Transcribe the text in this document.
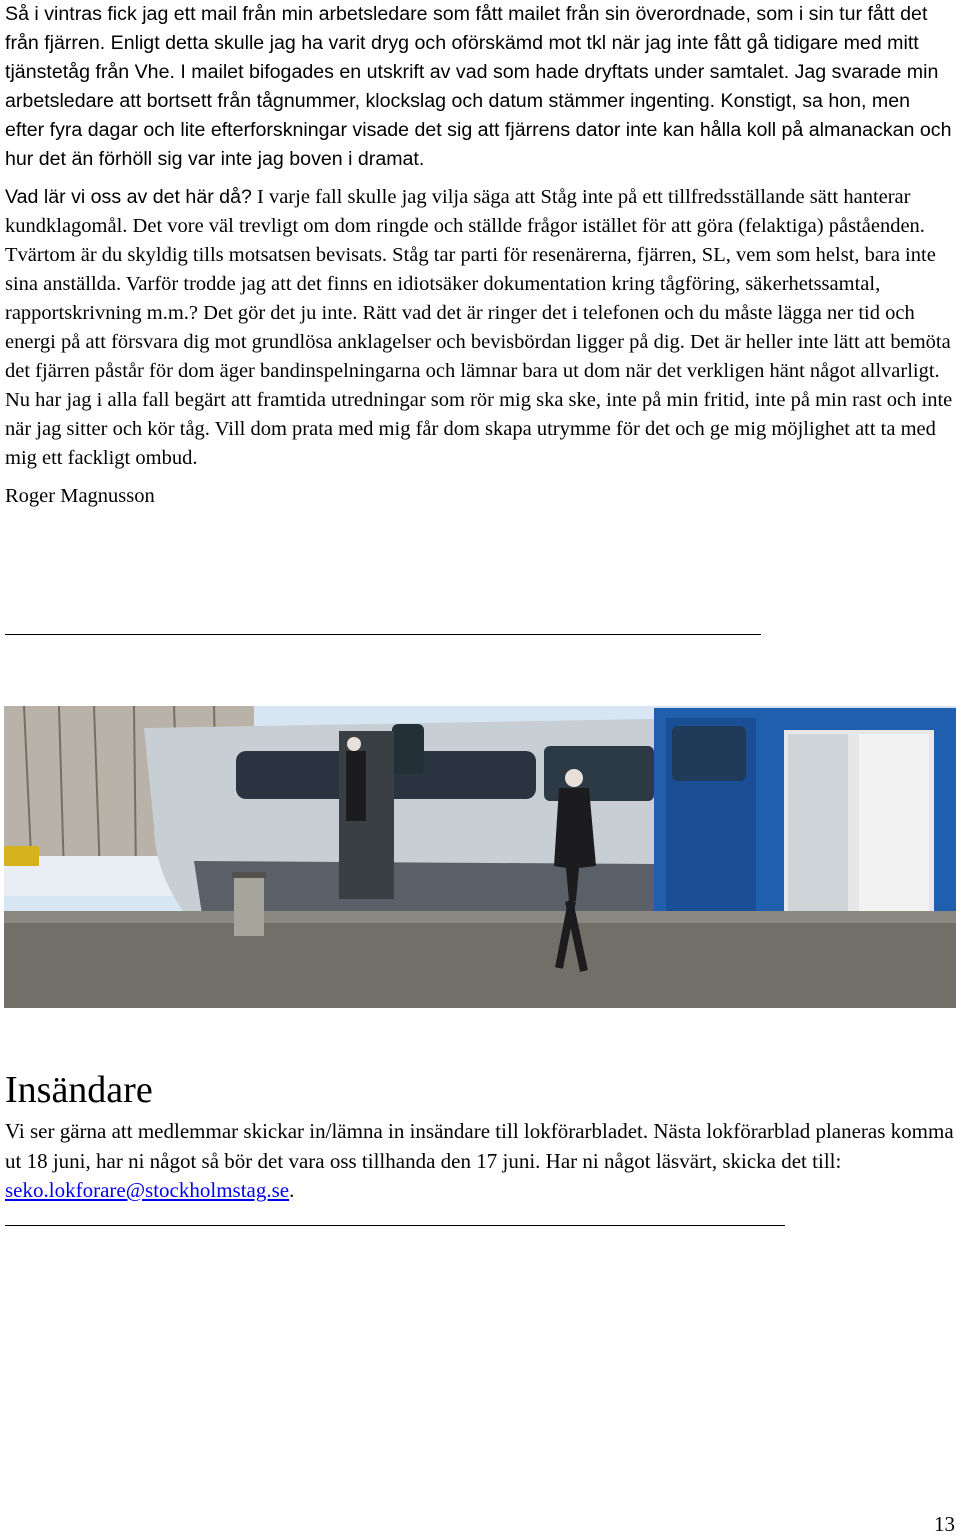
Så i vintras fick jag ett mail från min arbetsledare som fått mailet från sin överordnade, som i sin tur fått det från fjärren. Enligt detta skulle jag ha varit dryg och oförskämd mot tkl när jag inte fått gå tidigare med mitt tjänstetåg från Vhe. I mailet bifogades en utskrift av vad som hade dryftats under samtalet. Jag svarade min arbetsledare att bortsett från tågnummer, klockslag och datum stämmer ingenting. Konstigt, sa hon, men efter fyra dagar och lite efterforskningar visade det sig att fjärrens dator inte kan hålla koll på almanackan och hur det än förhöll sig var inte jag boven i dramat.

Vad lär vi oss av det här då? I varje fall skulle jag vilja säga att Ståg inte på ett tillfredsställande sätt hanterar kundklagomål. Det vore väl trevligt om dom ringde och ställde frågor istället för att göra (felaktiga) påståenden. Tvärtom är du skyldig tills motsatsen bevisats. Ståg tar parti för resenärerna, fjärren, SL, vem som helst, bara inte sina anställda. Varför trodde jag att det finns en idiotsäker dokumentation kring tågföring, säkerhetssamtal, rapportskrivning m.m.? Det gör det ju inte. Rätt vad det är ringer det i telefonen och du måste lägga ner tid och energi på att försvara dig mot grundlösa anklagelser och bevisbördan ligger på dig. Det är heller inte lätt att bemöta det fjärren påstår för dom äger bandinspelningarna och lämnar bara ut dom när det verkligen hänt något allvarligt. Nu har jag i alla fall begärt att framtida utredningar som rör mig ska ske, inte på min fritid, inte på min rast och inte när jag sitter och kör tåg. Vill dom prata med mig får dom skapa utrymme för det och ge mig möjlighet att ta med mig ett fackligt ombud.

Roger Magnusson

Insändare

Vi ser gärna att medlemmar skickar in/lämna in insändare till lokförarbladet. Nästa lokförarblad planeras komma ut 18 juni, har ni något så bör det vara oss tillhanda den 17 juni. Har ni något läsvärt, skicka det till: seko.lokforare@stockholmstag.se.

13
